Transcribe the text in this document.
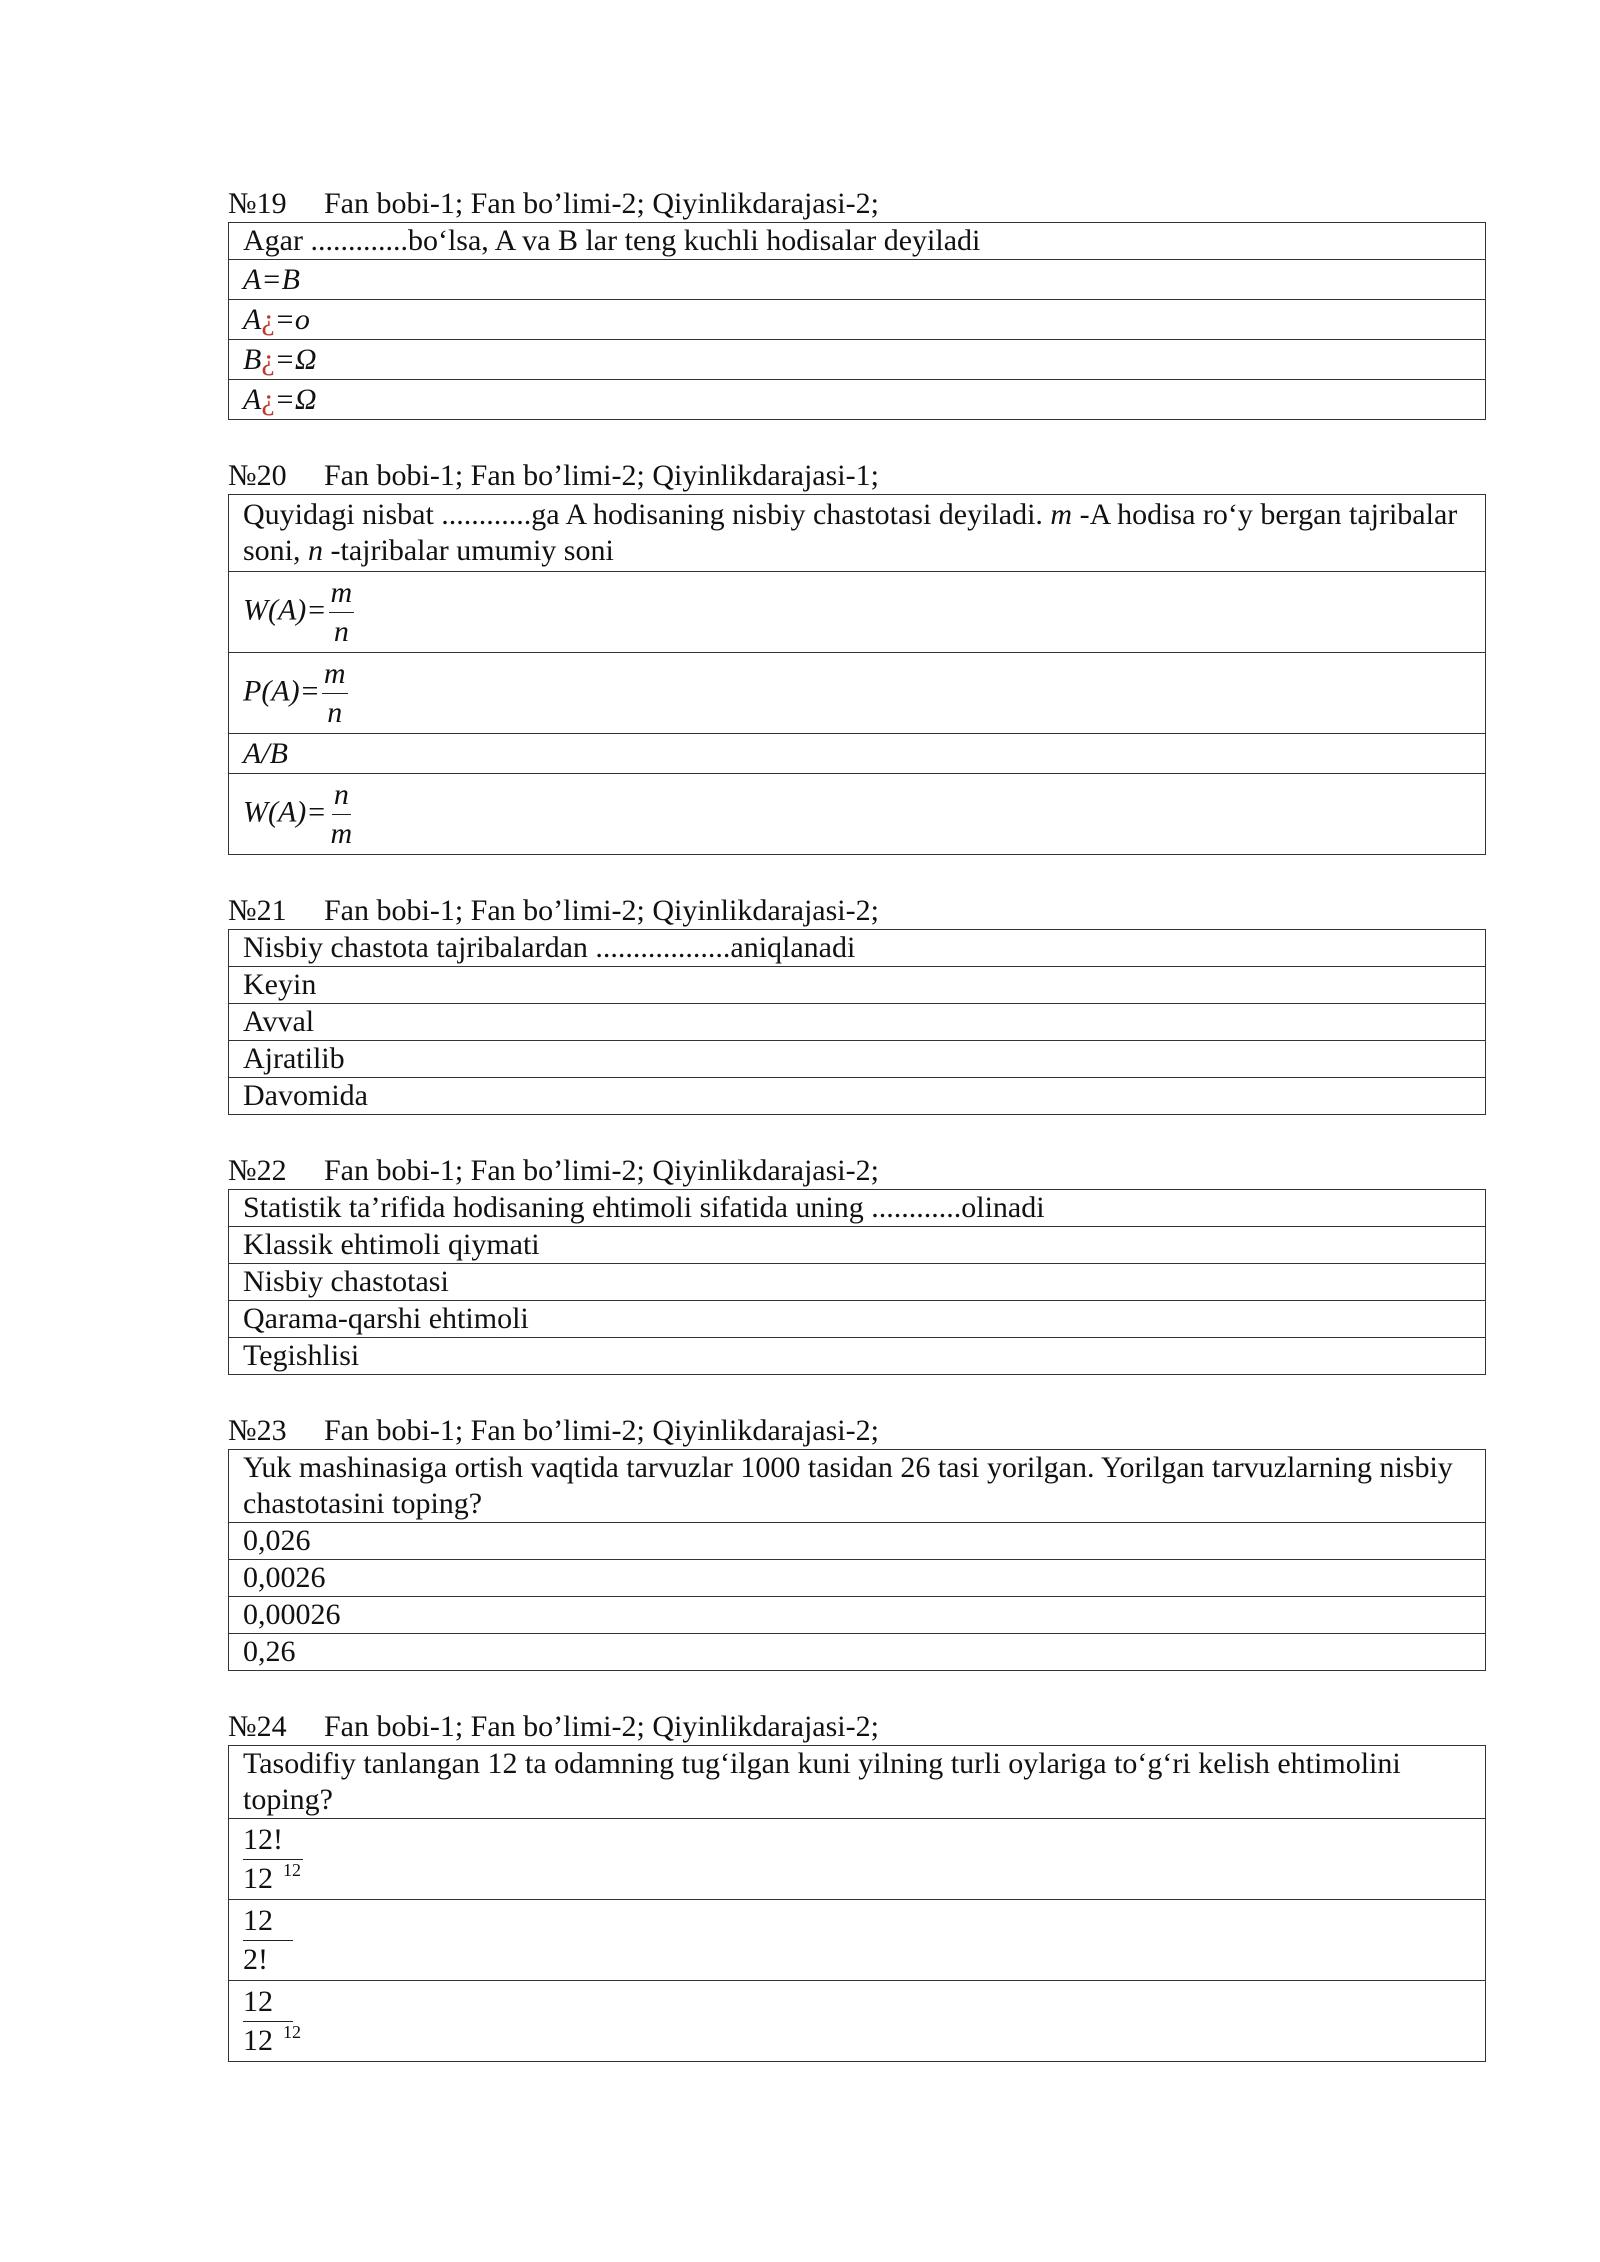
№19 Fan bobi-1; Fan bo’limi-2; Qiyinlikdarajasi-2;
Agar .............bo‘lsa, A va B lar teng kuchli hodisalar deyiladi
A=B
A¿=o
B¿=Ω
A¿=Ω
№20 Fan bobi-1; Fan bo’limi-2; Qiyinlikdarajasi-1;
Quyidagi nisbat ............ga A hodisaning nisbiy chastotasi deyiladi. m -A hodisa ro‘y bergan tajribalar soni, n -tajribalar umumiy soni
$W(A)= \frac{m}{n}$

$P(A)= \frac{m}{n}$

A/B
$W(A)= \frac{n}{m}$
№21 Fan bobi-1; Fan bo’limi-2; Qiyinlikdarajasi-2;
Nisbiy chastota tajribalardan ..................aniqlanadi
Keyin
Avval
Ajratilib
Davomida
№22 Fan bobi-1; Fan bo’limi-2; Qiyinlikdarajasi-2;
Statistik ta’rifida hodisaning ehtimoli sifatida uning ............olinadi
Klassik ehtimoli qiymati
Nisbiy chastotasi
Qarama-qarshi ehtimoli
Tegishlisi
№23 Fan bobi-1; Fan bo’limi-2; Qiyinlikdarajasi-2;
Yuk mashinasiga ortish vaqtida tarvuzlar 1000 tasidan 26 tasi yorilgan. Yorilgan tarvuzlarning nisbiy chastotasini toping?
0,026
0,0026
0,00026
0,26
№24 Fan bobi-1; Fan bo’limi-2; Qiyinlikdarajasi-2;
Tasodifiy tanlangan 12 ta odamning tug‘ilgan kuni yilning turli oylariga to‘g‘ri kelish ehtimolini toping?

$\frac{12!}{12 ^{12}}$

$\frac{12}{2!}$

$\frac{12}{12 ^{12}}$
